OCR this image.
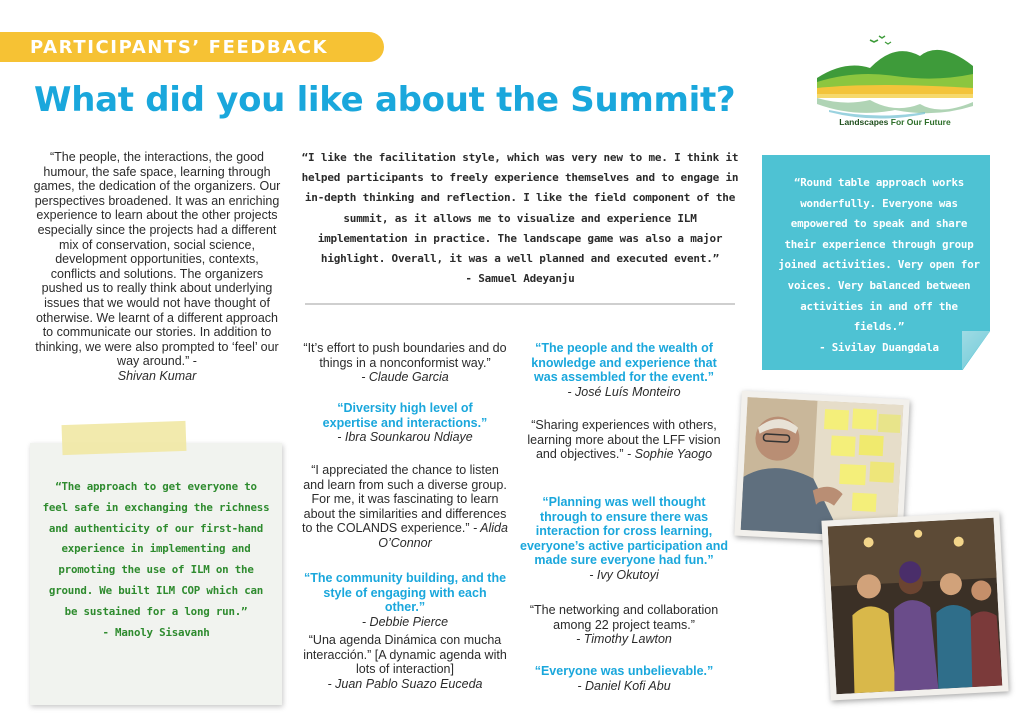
PARTICIPANTS’ FEEDBACK
What did you like about the Summit?
Landscapes For Our Future
“The people, the interactions, the good humour, the safe space, learning through games, the dedication of the organizers. Our perspectives broadened. It was an enriching experience to learn about the other projects especially since the projects had a different mix of conservation, social science, development opportunities, contexts, conflicts and solutions. The organizers pushed us to really think about underlying issues that we would not have thought of otherwise. We learnt of a different approach to communicate our stories. In addition to thinking, we were also prompted to ‘feel’ our way around.” -
Shivan Kumar
“I like the facilitation style, which was very new to me. I think it helped participants to freely experience themselves and to engage in in-depth thinking and reflection. I like the field component of the summit, as it allows me to visualize and experience ILM implementation in practice. The landscape game was also a major highlight. Overall, it was a well planned and executed event.”
- Samuel Adeyanju
“Round table approach works wonderfully. Everyone was empowered to speak and share their experience through group joined activities. Very open for voices. Very balanced between activities in and off the fields.”
- Sivilay Duangdala
“The approach to get everyone to feel safe in exchanging the richness and authenticity of our first-hand experience in implementing and promoting the use of ILM on the ground. We built ILM COP which can be sustained for a long run.”
- Manoly Sisavanh
“It’s effort to push boundaries and do things in a nonconformist way.”
- Claude Garcia
“Diversity high level of expertise and interactions.”
- Ibra Sounkarou Ndiaye
“I appreciated the chance to listen and learn from such a diverse group. For me, it was fascinating to learn about the similarities and differences to the COLANDS experience.” - Alida O’Connor
“The community building, and the style of engaging with each other.”
- Debbie Pierce
“Una agenda Dinámica con mucha interacción.” [A dynamic agenda with lots of interaction]
- Juan Pablo Suazo Euceda
“The people and the wealth of knowledge and experience that was assembled for the event.”
- José Luís Monteiro
“Sharing experiences with others, learning more about the LFF vision and objectives.” - Sophie Yaogo
“Planning was well thought through to ensure there was interaction for cross learning, everyone’s active participation and made sure everyone had fun.”
- Ivy Okutoyi
“The networking and collaboration among 22 project teams.”
- Timothy Lawton
“Everyone was unbelievable.”
- Daniel Kofi Abu
